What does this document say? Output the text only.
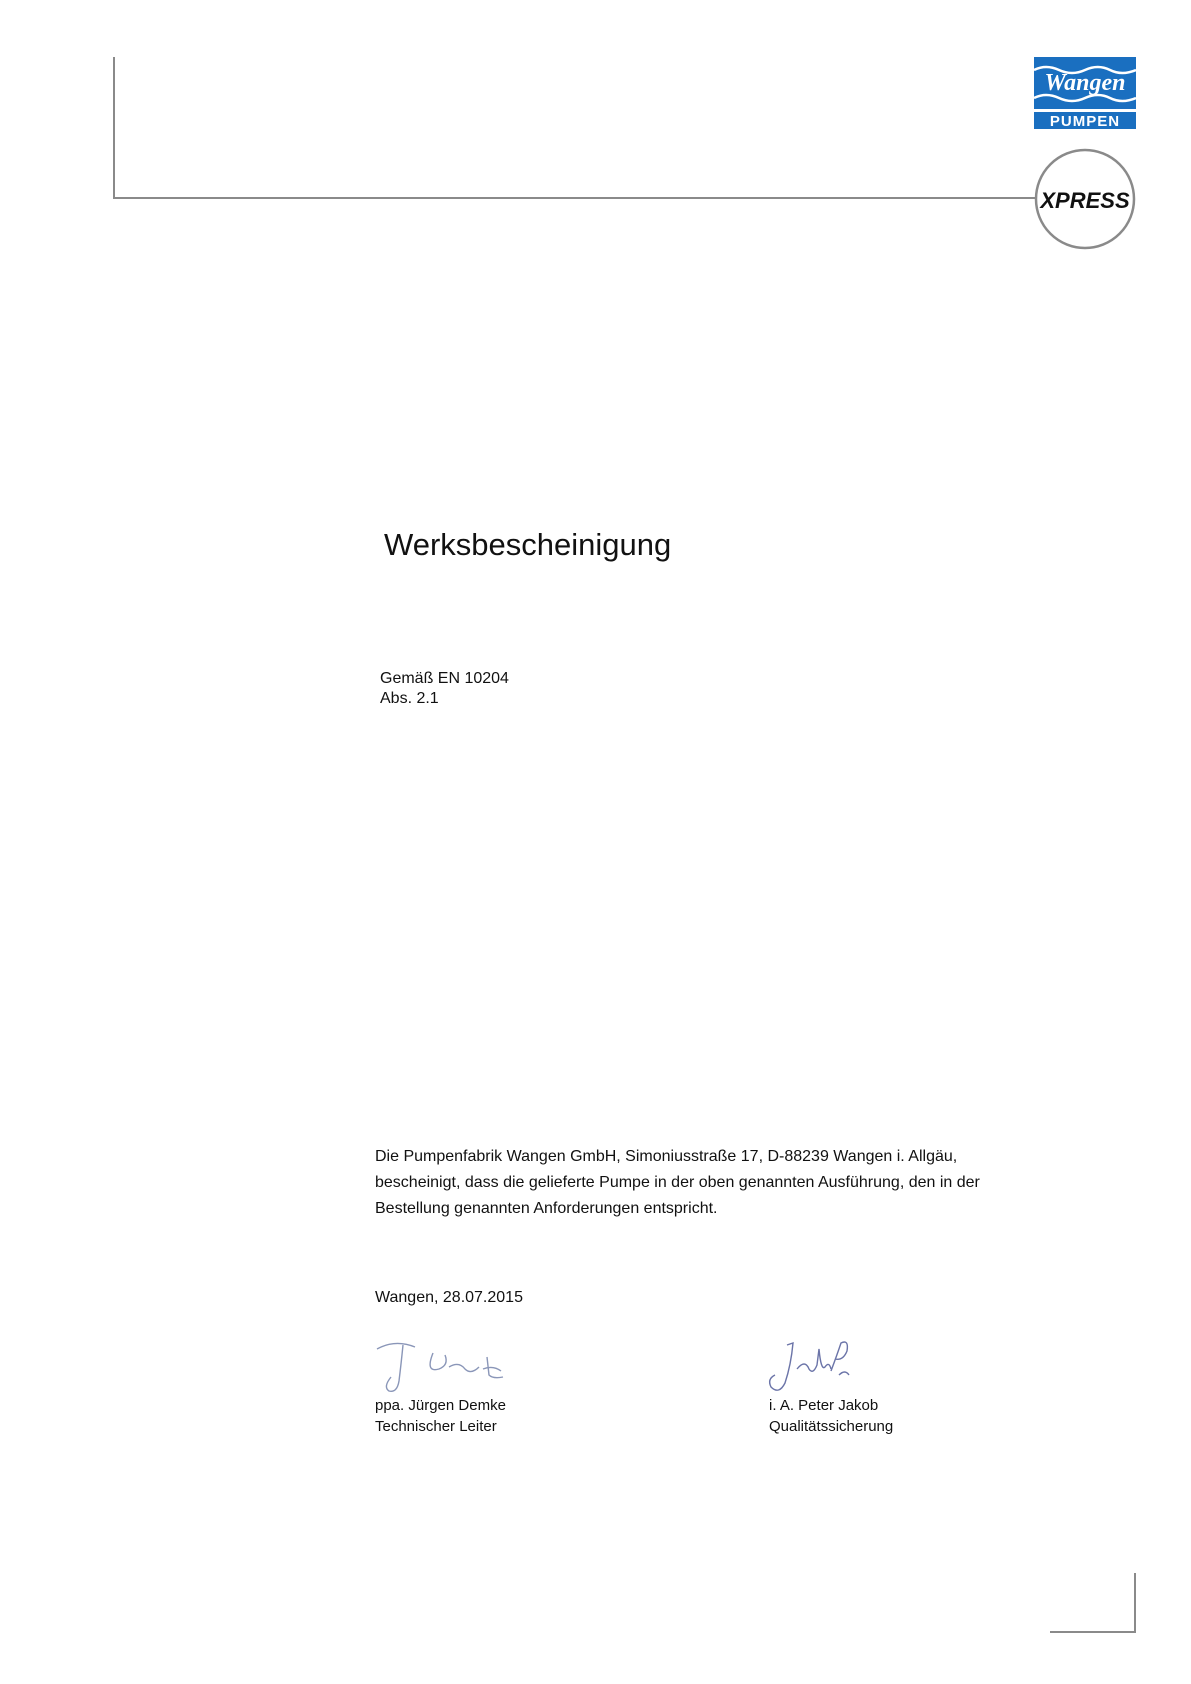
Wangen
PUMPEN
XPRESS
Werksbescheinigung
Gemäß EN 10204
Abs. 2.1
Die Pumpenfabrik Wangen GmbH, Simoniusstraße 17, D-88239 Wangen i. Allgäu,
bescheinigt, dass die gelieferte Pumpe in der oben genannten Ausführung, den in der
Bestellung genannten Anforderungen entspricht.
Wangen, 28.07.2015
ppa. Jürgen Demke
Technischer Leiter
i. A. Peter Jakob
Qualitätssicherung
